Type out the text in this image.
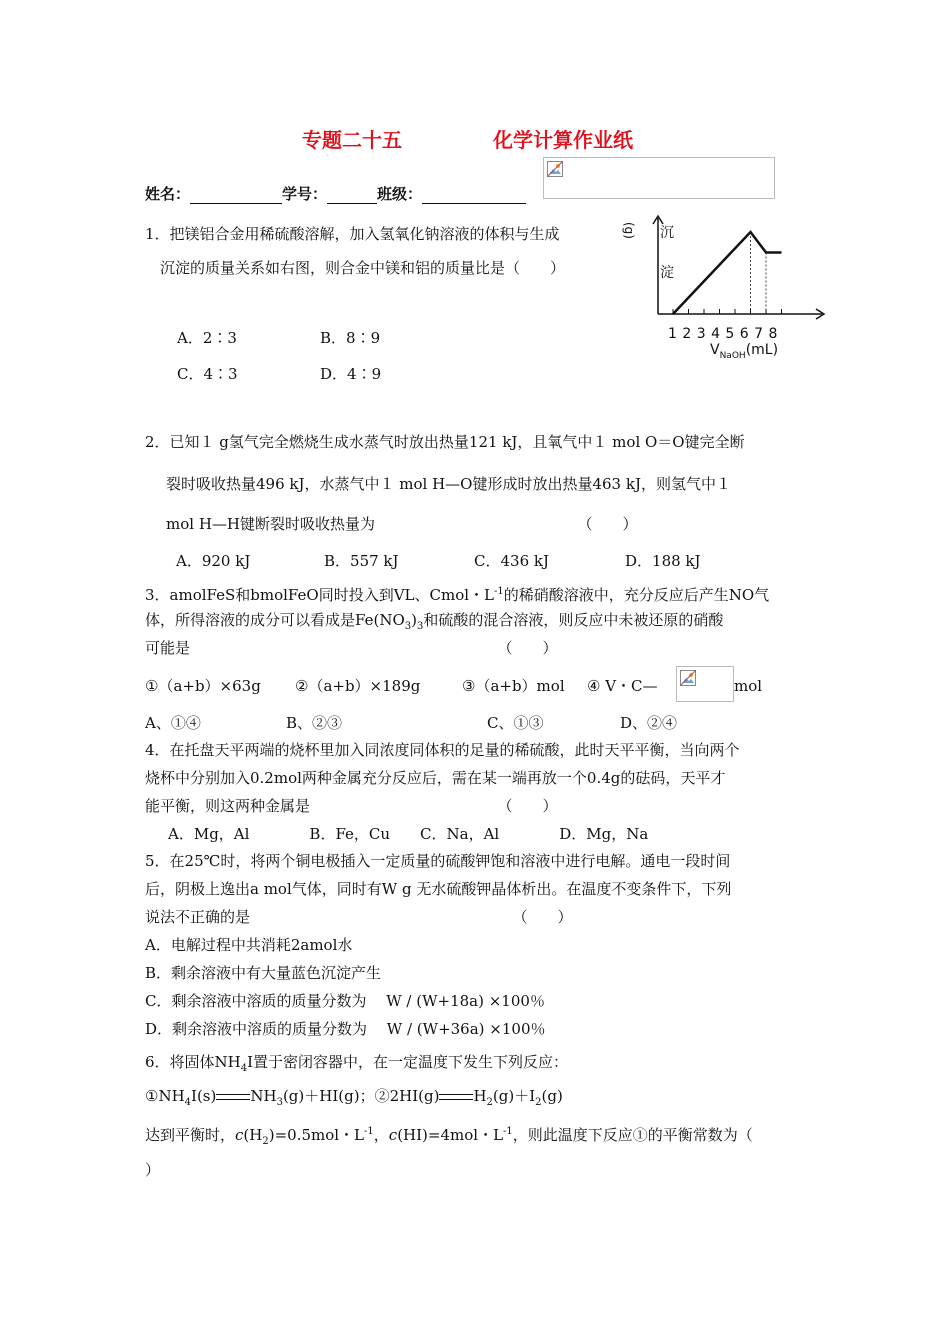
专题二十五	化学计算作业纸
姓名：	学号：	班级：
1．把镁铝合金用稀硫酸溶解，加入氢氧化钠溶液的体积与生成
沉淀的质量关系如右图，则合金中镁和铝的质量比是（　　）
A．2∶3	B．8∶9
C．4∶3	D．4∶9
(g) 沉
淀
1 2 3 4 5 6 7 8
$V_{NaOH}(mL)$
2．已知１ g氢气完全燃烧生成水蒸气时放出热量121 kJ，且氧气中１ mol O＝O键完全断
裂时吸收热量496 kJ，水蒸气中１ mol H—O键形成时放出热量463 kJ，则氢气中１
mol H—H键断裂时吸收热量为　　　　　　　　　　　　　　（　　）
A．920 kJ	B．557 kJ	C．436 kJ	D．188 kJ
3．amolFeS和bmolFeO同时投入到VL、Cmol・$L^{-1}$的稀硝酸溶液中，充分反应后产生NO气
体，所得溶液的成分可以看成是$Fe(NO_3)_3$和硫酸的混合溶液，则反应中未被还原的硝酸
可能是　　　　　　　　　　　　　　　　　　　　　（　　）
①（a+b）×63g ②（a+b）×189g	③（a+b）mol ④ V・C—	mol
A、①④	B、②③	C、①③	D、②④
4．在托盘天平两端的烧杯里加入同浓度同体积的足量的稀硫酸，此时天平平衡，当向两个
烧杯中分别加入0.2mol两种金属充分反应后，需在某一端再放一个0.4g的砝码，天平才
能平衡，则这两种金属是　　　　　　　　　　　　　（　　）
A．Mg，Al　　　　B．Fe，Cu　　C．Na，Al　　　　D．Mg，Na
5．在25℃时，将两个铜电极插入一定质量的硫酸钾饱和溶液中进行电解。通电一段时间
后，阴极上逸出a mol气体，同时有W g 无水硫酸钾晶体析出。在温度不变条件下，下列
说法不正确的是　　　　　　　　　　　　　　　　　　（　　）
A．电解过程中共消耗2amol水
B．剩余溶液中有大量蓝色沉淀产生
C．剩余溶液中溶质的质量分数为　 W / (W+18a) ×100％
D．剩余溶液中溶质的质量分数为　 W / (W+36a) ×100％
6．将固体$NH_4I$置于密闭容器中，在一定温度下发生下列反应：
$①NH_4I(s)$ $NH_3(g)+HI(g)$；②2HI(g) $H_2(g)+I_2(g)$
达到平衡时，$c(H_2)=0.5mol$・$L^{-1}$，c(HI)=4mol・$L^{-1}$，则此温度下反应①的平衡常数为（
）
